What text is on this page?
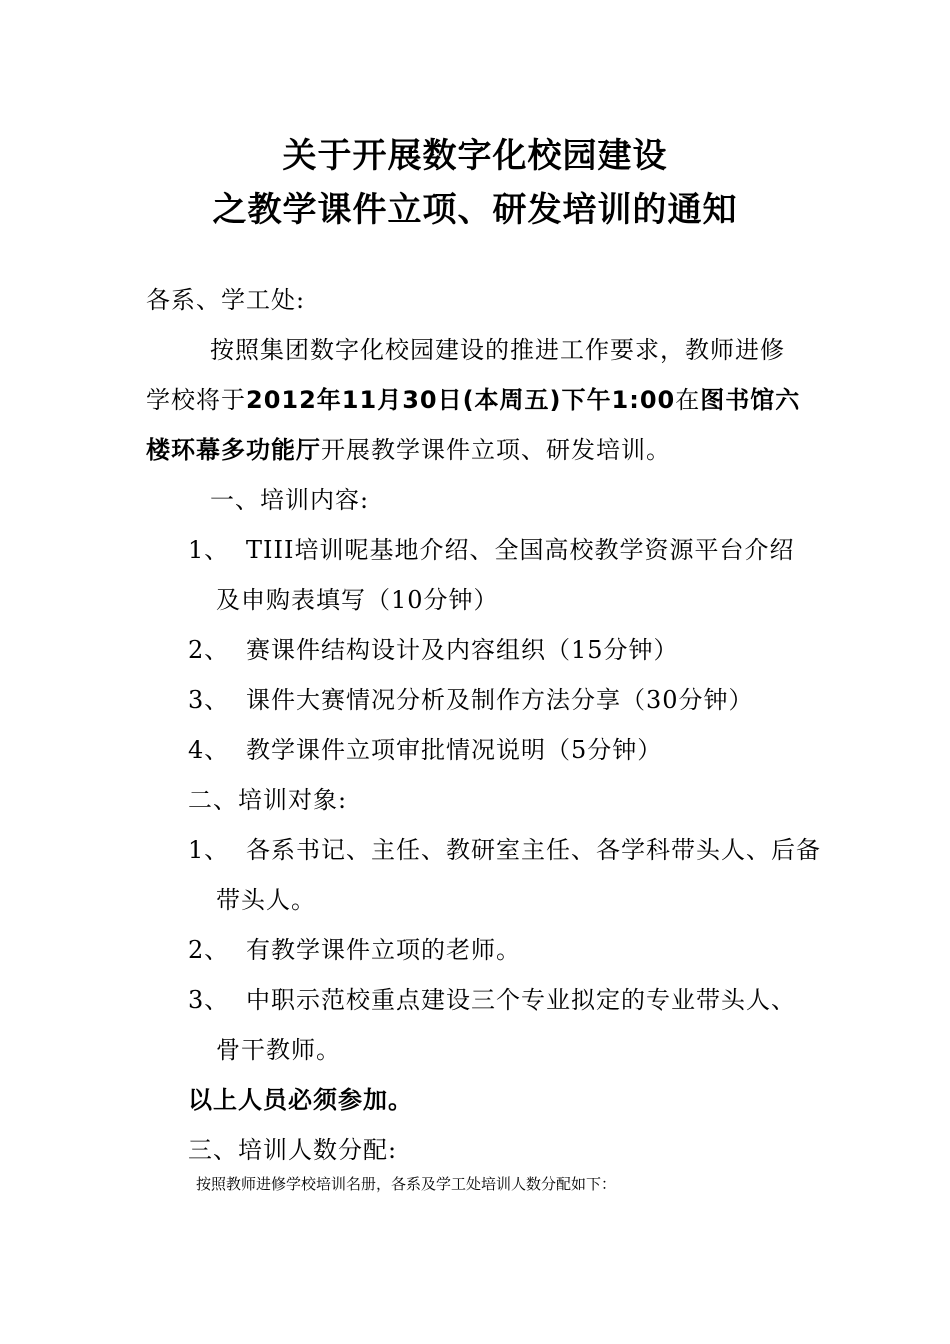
关于开展数字化校园建设
之教学课件立项、研发培训的通知
各系、学工处:
按照集团数字化校园建设的推进工作要求，教师进修
学校将于2012年11月30日(本周五)下午1:00在图书馆六
楼环幕多功能厅开展教学课件立项、研发培训。
一、培训内容:
1、 TIII培训呢基地介绍、全国高校教学资源平台介绍
及申购表填写（10分钟）
2、 赛课件结构设计及内容组织（15分钟）
3、 课件大赛情况分析及制作方法分享（30分钟）
4、 教学课件立项审批情况说明（5分钟）
二、培训对象:
1、 各系书记、主任、教研室主任、各学科带头人、后备
带头人。
2、 有教学课件立项的老师。
3、 中职示范校重点建设三个专业拟定的专业带头人、
骨干教师。
以上人员必须参加。
三、培训人数分配:
按照教师进修学校培训名册，各系及学工处培训人数分配如下：
